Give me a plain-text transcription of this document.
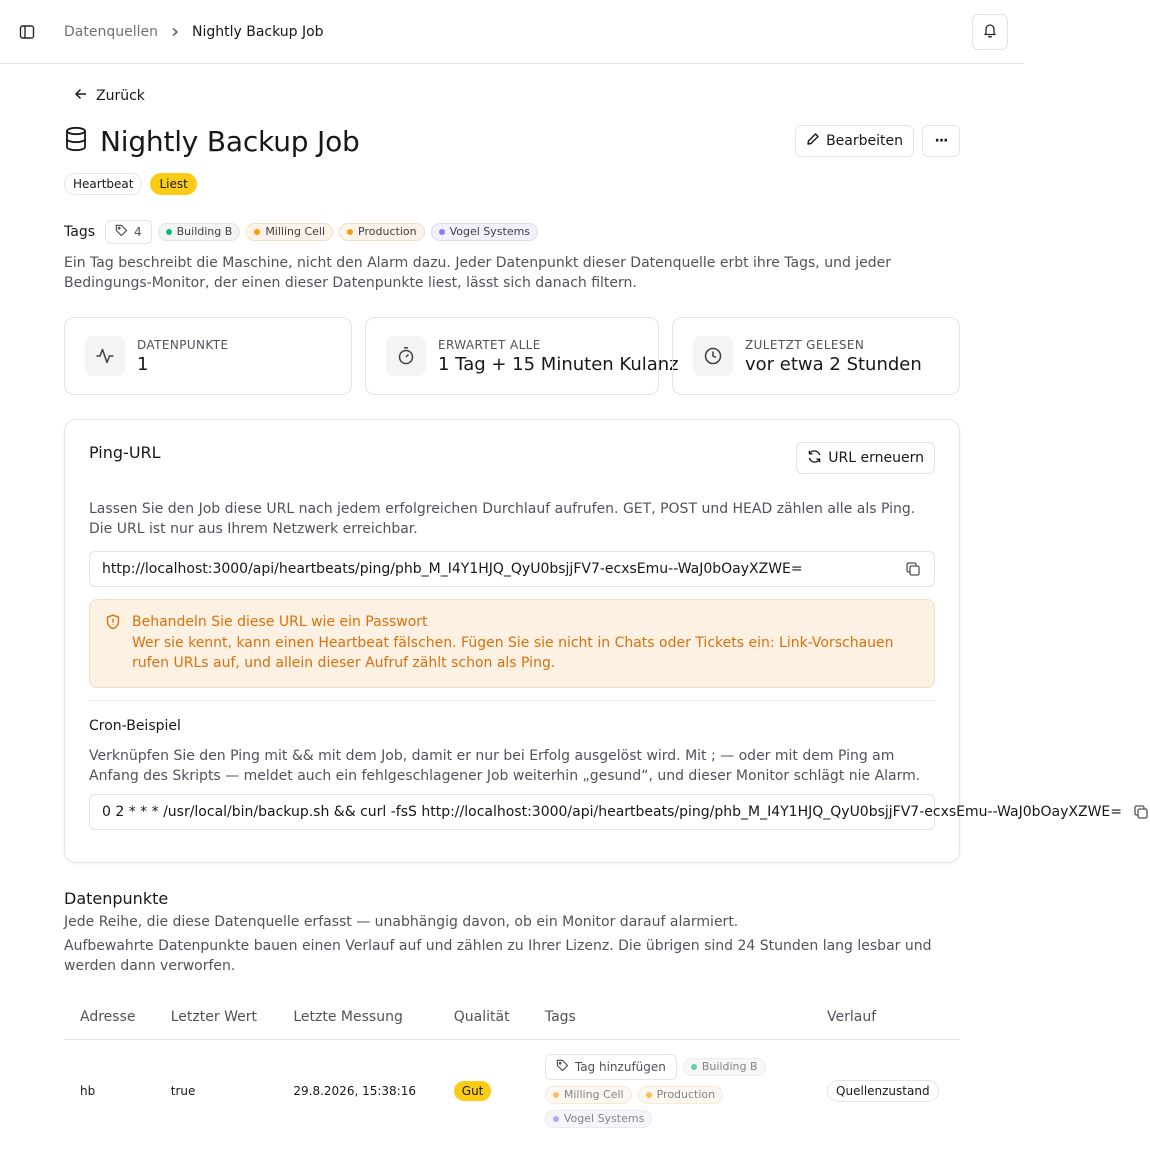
Datenquellen Nightly Backup Job
Zurück
Nightly Backup Job	Bearbeiten ···
Heartbeat	Liest
Tags	4	Building B	Milling Cell	Production	Vogel Systems

Ein Tag beschreibt die Maschine, nicht den Alarm dazu. Jeder Datenpunkt dieser Datenquelle erbt ihre Tags, und jeder Bedingungs-Monitor, der einen dieser Datenpunkte liest, lässt sich danach filtern.

DATENPUNKTE
1
ERWARTET ALLE
1 Tag + 15 Minuten Kulanz
ZULETZT GELESEN
vor etwa 2 Stunden
Ping-URL	URL erneuern

Lassen Sie den Job diese URL nach jedem erfolgreichen Durchlauf aufrufen. GET, POST und HEAD zählen alle als Ping. Die URL ist nur aus Ihrem Netzwerk erreichbar.

http://localhost:3000/api/heartbeats/ping/phb_M_I4Y1HJQ_QyU0bsjjFV7-ecxsEmu--WaJ0bOayXZWE=
Behandeln Sie diese URL wie ein Passwort
Wer sie kennt, kann einen Heartbeat fälschen. Fügen Sie sie nicht in Chats oder Tickets ein: Link-Vorschauen rufen URLs auf, und allein dieser Aufruf zählt schon als Ping.
Cron-Beispiel

Verknüpfen Sie den Ping mit && mit dem Job, damit er nur bei Erfolg ausgelöst wird. Mit ; — oder mit dem Ping am Anfang des Skripts — meldet auch ein fehlgeschlagener Job weiterhin „gesund“, und dieser Monitor schlägt nie Alarm.

0 2 * * * /usr/local/bin/backup.sh && curl -fsS http://localhost:3000/api/heartbeats/ping/phb_M_I4Y1HJQ_QyU0bsjjFV7-ecxsEmu--WaJ0bOayXZWE=
Datenpunkte

Jede Reihe, die diese Datenquelle erfasst — unabhängig davon, ob ein Monitor darauf alarmiert.

Aufbewahrte Datenpunkte bauen einen Verlauf auf und zählen zu Ihrer Lizenz. Die übrigen sind 24 Stunden lang lesbar und werden dann verworfen.

Adresse	Letzter Wert	Letzte Messung	Qualität	Tags	Verlauf
hb	true	29.8.2026, 15:38:16	Gut	Tag hinzufügen Building B
Milling Cell Production
Vogel Systems	Quellenzustand
